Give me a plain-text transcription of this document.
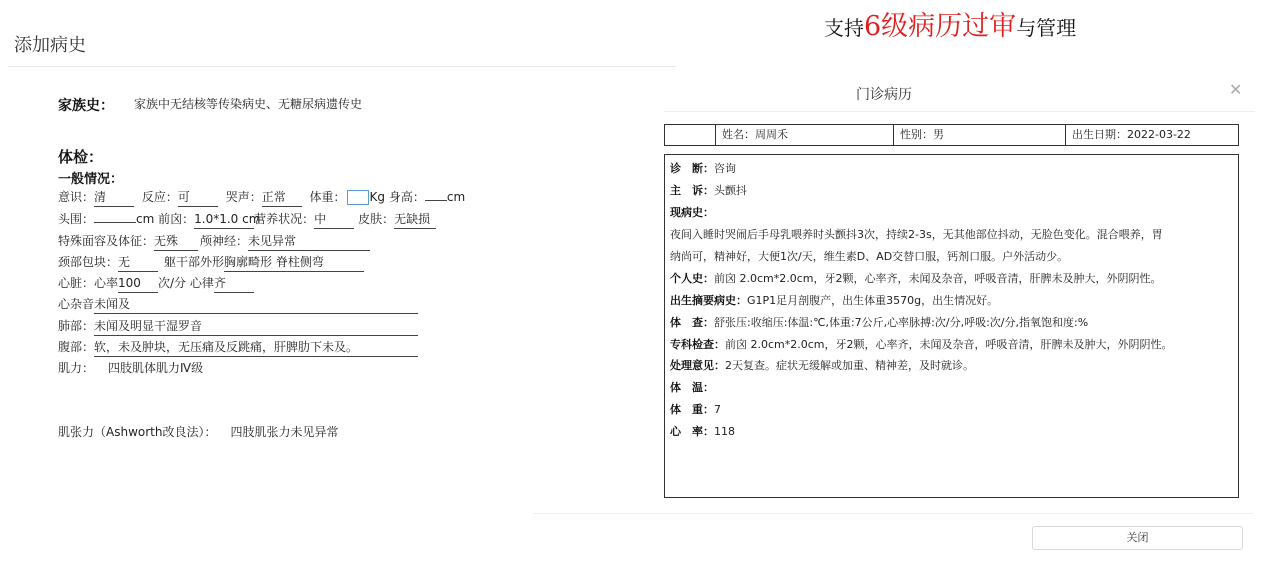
添加病史
家族史： 家族中无结核等传染病史、无糖尿病遗传史
体检：
一般情况：
意识：清	反应：可	哭声：正常 体重： Kg 身高： cm
头围：	cm 前囟：1.0*1.0 cm营养状况：中	皮肤：无缺损
特殊面容及体征：无殊 颅神经：未见异常
颈部包块：无	躯干部外形胸廓畸形 脊柱侧弯
心脏：心率100 次/分 心律齐
心杂音未闻及
肺部：未闻及明显干湿罗音
腹部：软，未及肿块，无压痛及反跳痛，肝脾肋下未及。
肌力： 四肢肌体肌力Ⅳ级
肌张力（Ashworth改良法）： 四肢肌张力未见异常
支持6级病历过审与管理
门诊病历	✕
姓名：周周禾	性别：男	出生日期：2022-03-22
诊　断：咨询
主　诉：头颤抖
现病史：
夜间入睡时哭闹后手母乳喂养时头颤抖3次，持续2-3s，无其他部位抖动，无脸色变化。混合喂养，胃
纳尚可，精神好，大便1次/天，维生素D、AD交替口服，钙剂口服。户外活动少。
个人史：前囟 2.0cm*2.0cm，牙2颗，心率齐，未闻及杂音，呼吸音清，肝脾未及肿大，外阴阴性。
出生摘要病史：G1P1足月剖腹产，出生体重3570g，出生情况好。
体　查：舒张压:收缩压:体温:℃,体重:7公斤,心率脉搏:次/分,呼吸:次/分,指氧饱和度:%
专科检查：前囟 2.0cm*2.0cm，牙2颗，心率齐，未闻及杂音，呼吸音清，肝脾未及肿大，外阴阴性。
处理意见：2天复查。症状无缓解或加重、精神差，及时就诊。
体　温：
体　重：7
心　率：118
关闭
